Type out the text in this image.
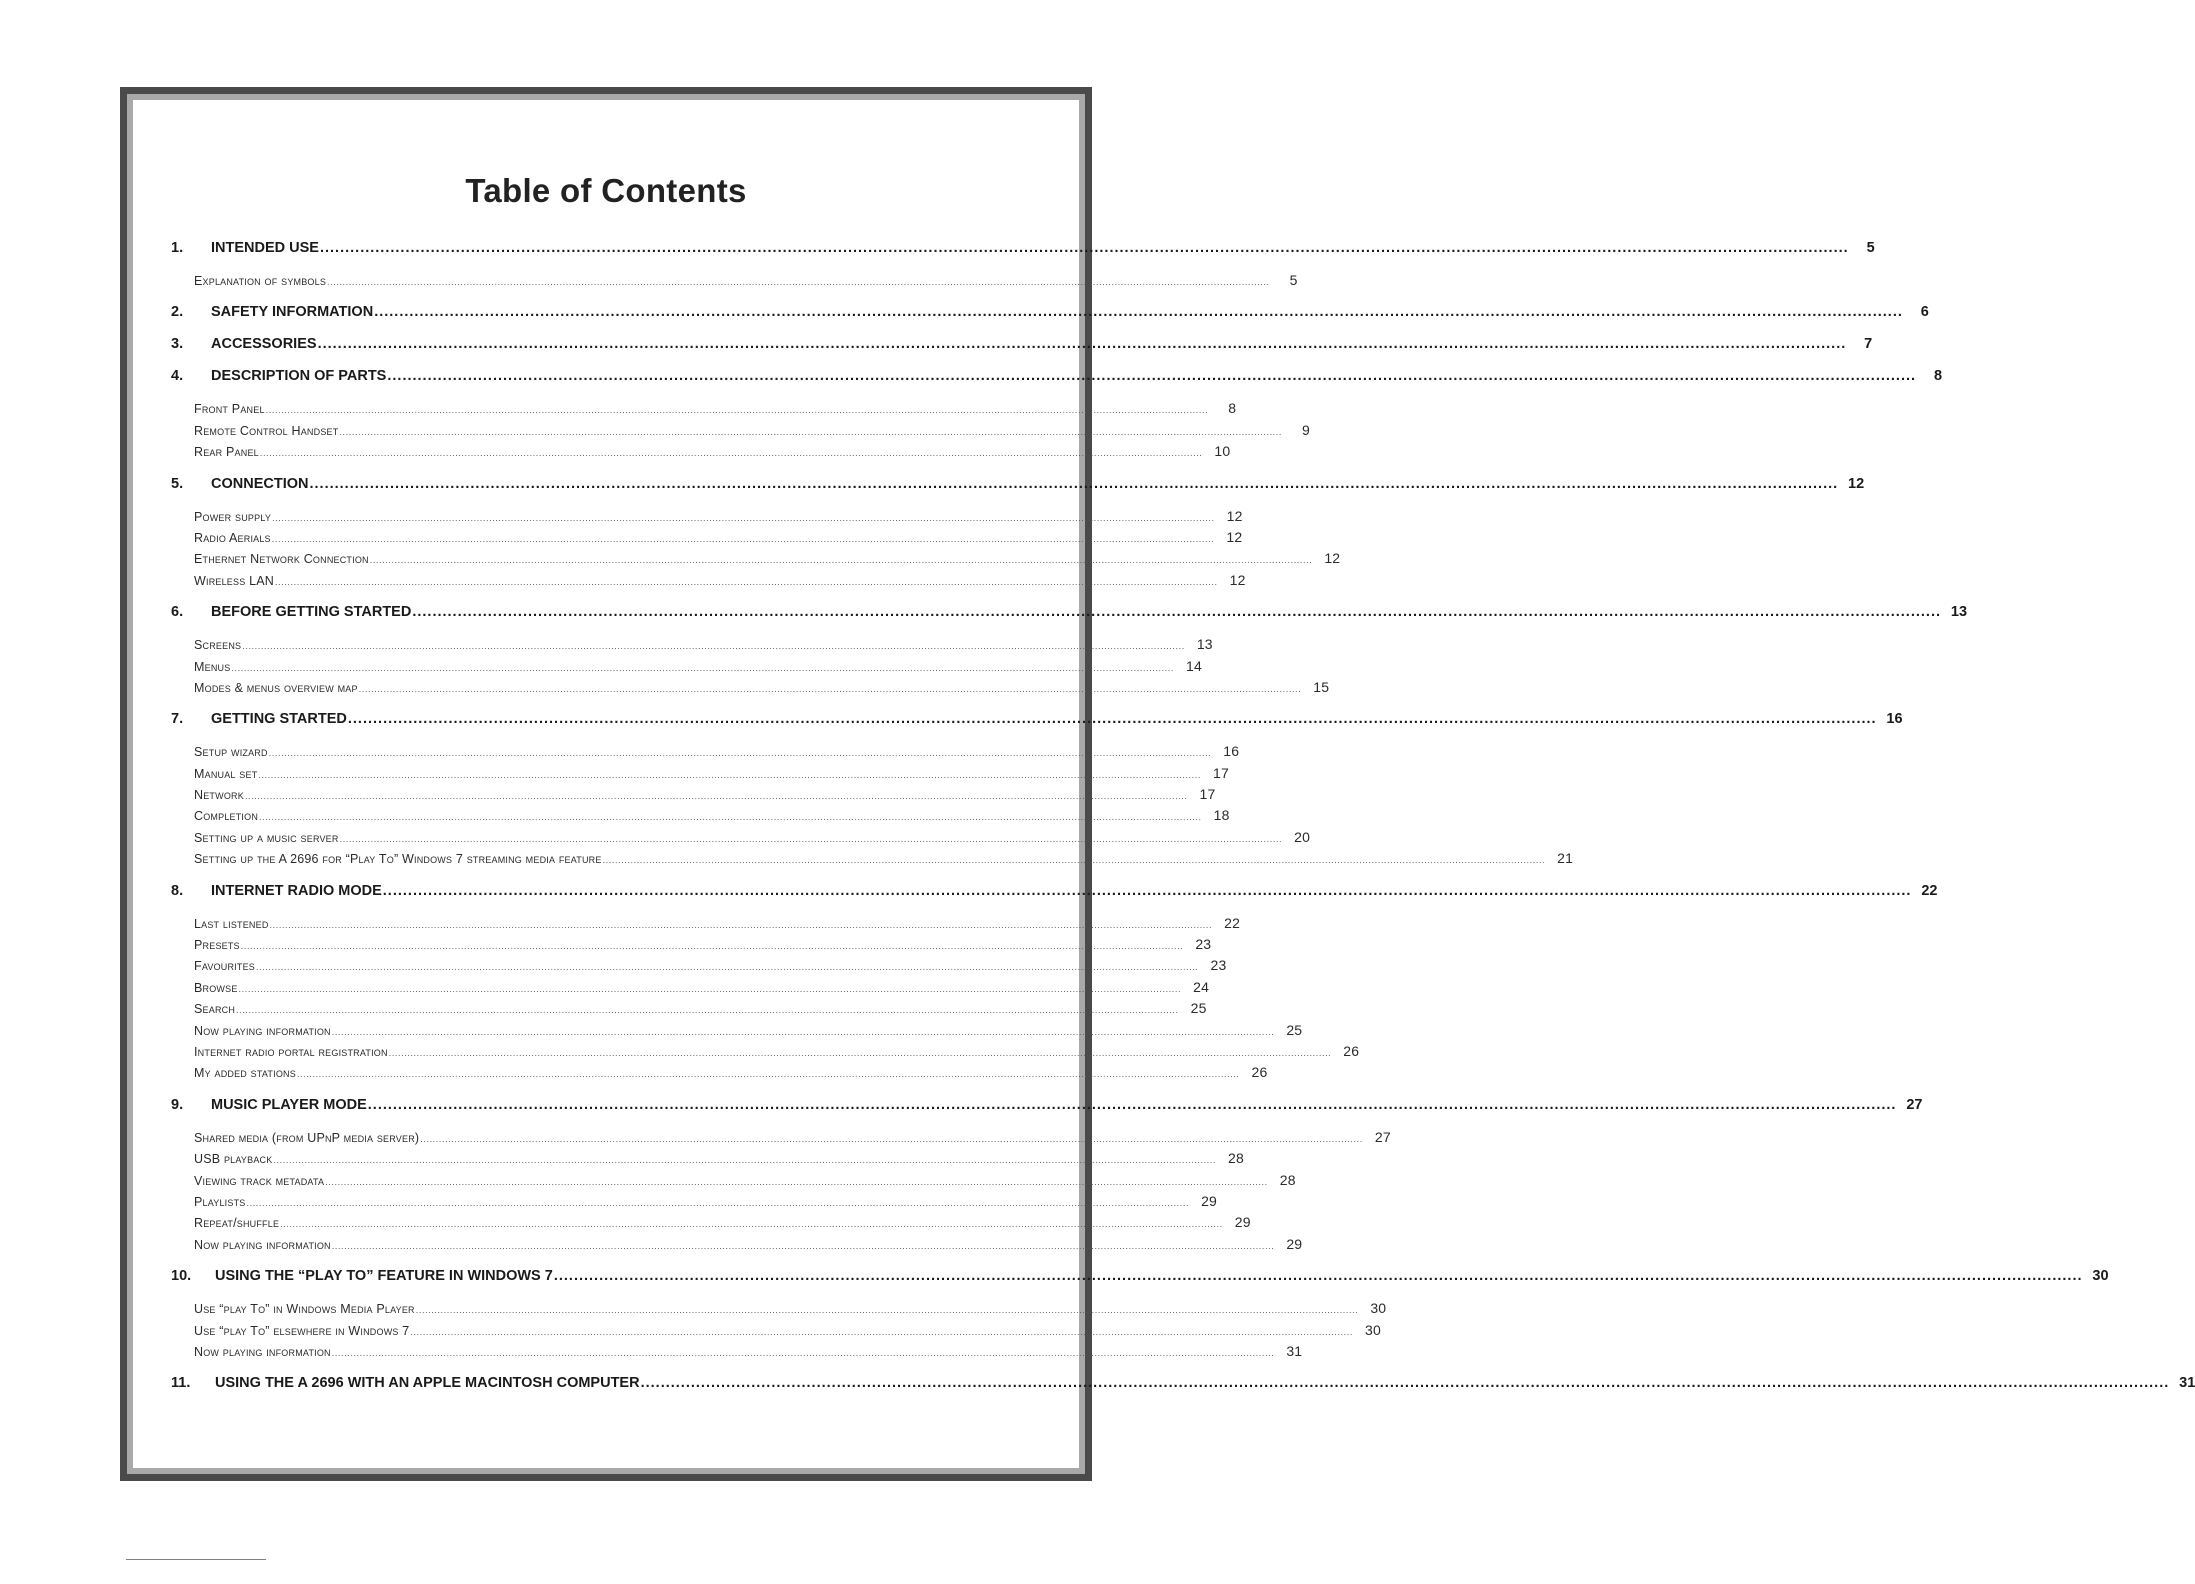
Table of Contents
1.	INTENDED USE ................................................................................................................................................................................................................................................................................................................	5
Explanation of symbols ................................................................................................................................................................................................................................................................................................................	5
2.	SAFETY INFORMATION ................................................................................................................................................................................................................................................................................................................	6
3.	ACCESSORIES ................................................................................................................................................................................................................................................................................................................	7
4.	DESCRIPTION OF PARTS ................................................................................................................................................................................................................................................................................................................	8
Front Panel ................................................................................................................................................................................................................................................................................................................	8
Remote Control Handset ................................................................................................................................................................................................................................................................................................................	9
Rear Panel ................................................................................................................................................................................................................................................................................................................ 10
5.	CONNECTION ................................................................................................................................................................................................................................................................................................................ 12
Power supply ................................................................................................................................................................................................................................................................................................................ 12
Radio Aerials ................................................................................................................................................................................................................................................................................................................ 12
Ethernet Network Connection ................................................................................................................................................................................................................................................................................................................ 12
Wireless LAN ................................................................................................................................................................................................................................................................................................................ 12
6.	BEFORE GETTING STARTED ................................................................................................................................................................................................................................................................................................................ 13
Screens ................................................................................................................................................................................................................................................................................................................ 13
Menus ................................................................................................................................................................................................................................................................................................................ 14
Modes & menus overview map ................................................................................................................................................................................................................................................................................................................ 15
7.	GETTING STARTED ................................................................................................................................................................................................................................................................................................................ 16
Setup wizard ................................................................................................................................................................................................................................................................................................................ 16
Manual set ................................................................................................................................................................................................................................................................................................................ 17
Network ................................................................................................................................................................................................................................................................................................................ 17
Completion ................................................................................................................................................................................................................................................................................................................ 18
Setting up a music server ................................................................................................................................................................................................................................................................................................................ 20
Setting up the A 2696 for “Play To” Windows 7 streaming media feature ................................................................................................................................................................................................................................................................................................................ 21
8.	INTERNET RADIO MODE ................................................................................................................................................................................................................................................................................................................ 22
Last listened ................................................................................................................................................................................................................................................................................................................ 22
Presets ................................................................................................................................................................................................................................................................................................................ 23
Favourites ................................................................................................................................................................................................................................................................................................................ 23
Browse ................................................................................................................................................................................................................................................................................................................ 24
Search ................................................................................................................................................................................................................................................................................................................ 25
Now playing information ................................................................................................................................................................................................................................................................................................................ 25
Internet radio portal registration ................................................................................................................................................................................................................................................................................................................ 26
My added stations ................................................................................................................................................................................................................................................................................................................ 26
9.	MUSIC PLAYER MODE ................................................................................................................................................................................................................................................................................................................ 27
Shared media (from UPnP media server) ................................................................................................................................................................................................................................................................................................................ 27
USB playback ................................................................................................................................................................................................................................................................................................................ 28
Viewing track metadata ................................................................................................................................................................................................................................................................................................................ 28
Playlists ................................................................................................................................................................................................................................................................................................................ 29
Repeat/shuffle ................................................................................................................................................................................................................................................................................................................ 29
Now playing information ................................................................................................................................................................................................................................................................................................................ 29
10.	USING THE “PLAY TO” FEATURE IN WINDOWS 7 ................................................................................................................................................................................................................................................................................................................ 30
Use “play To” in Windows Media Player ................................................................................................................................................................................................................................................................................................................ 30
Use “play To” elsewhere in Windows 7 ................................................................................................................................................................................................................................................................................................................ 30
Now playing information ................................................................................................................................................................................................................................................................................................................ 31
11.	USING THE A 2696 WITH AN APPLE MACINTOSH COMPUTER ................................................................................................................................................................................................................................................................................................................ 31
